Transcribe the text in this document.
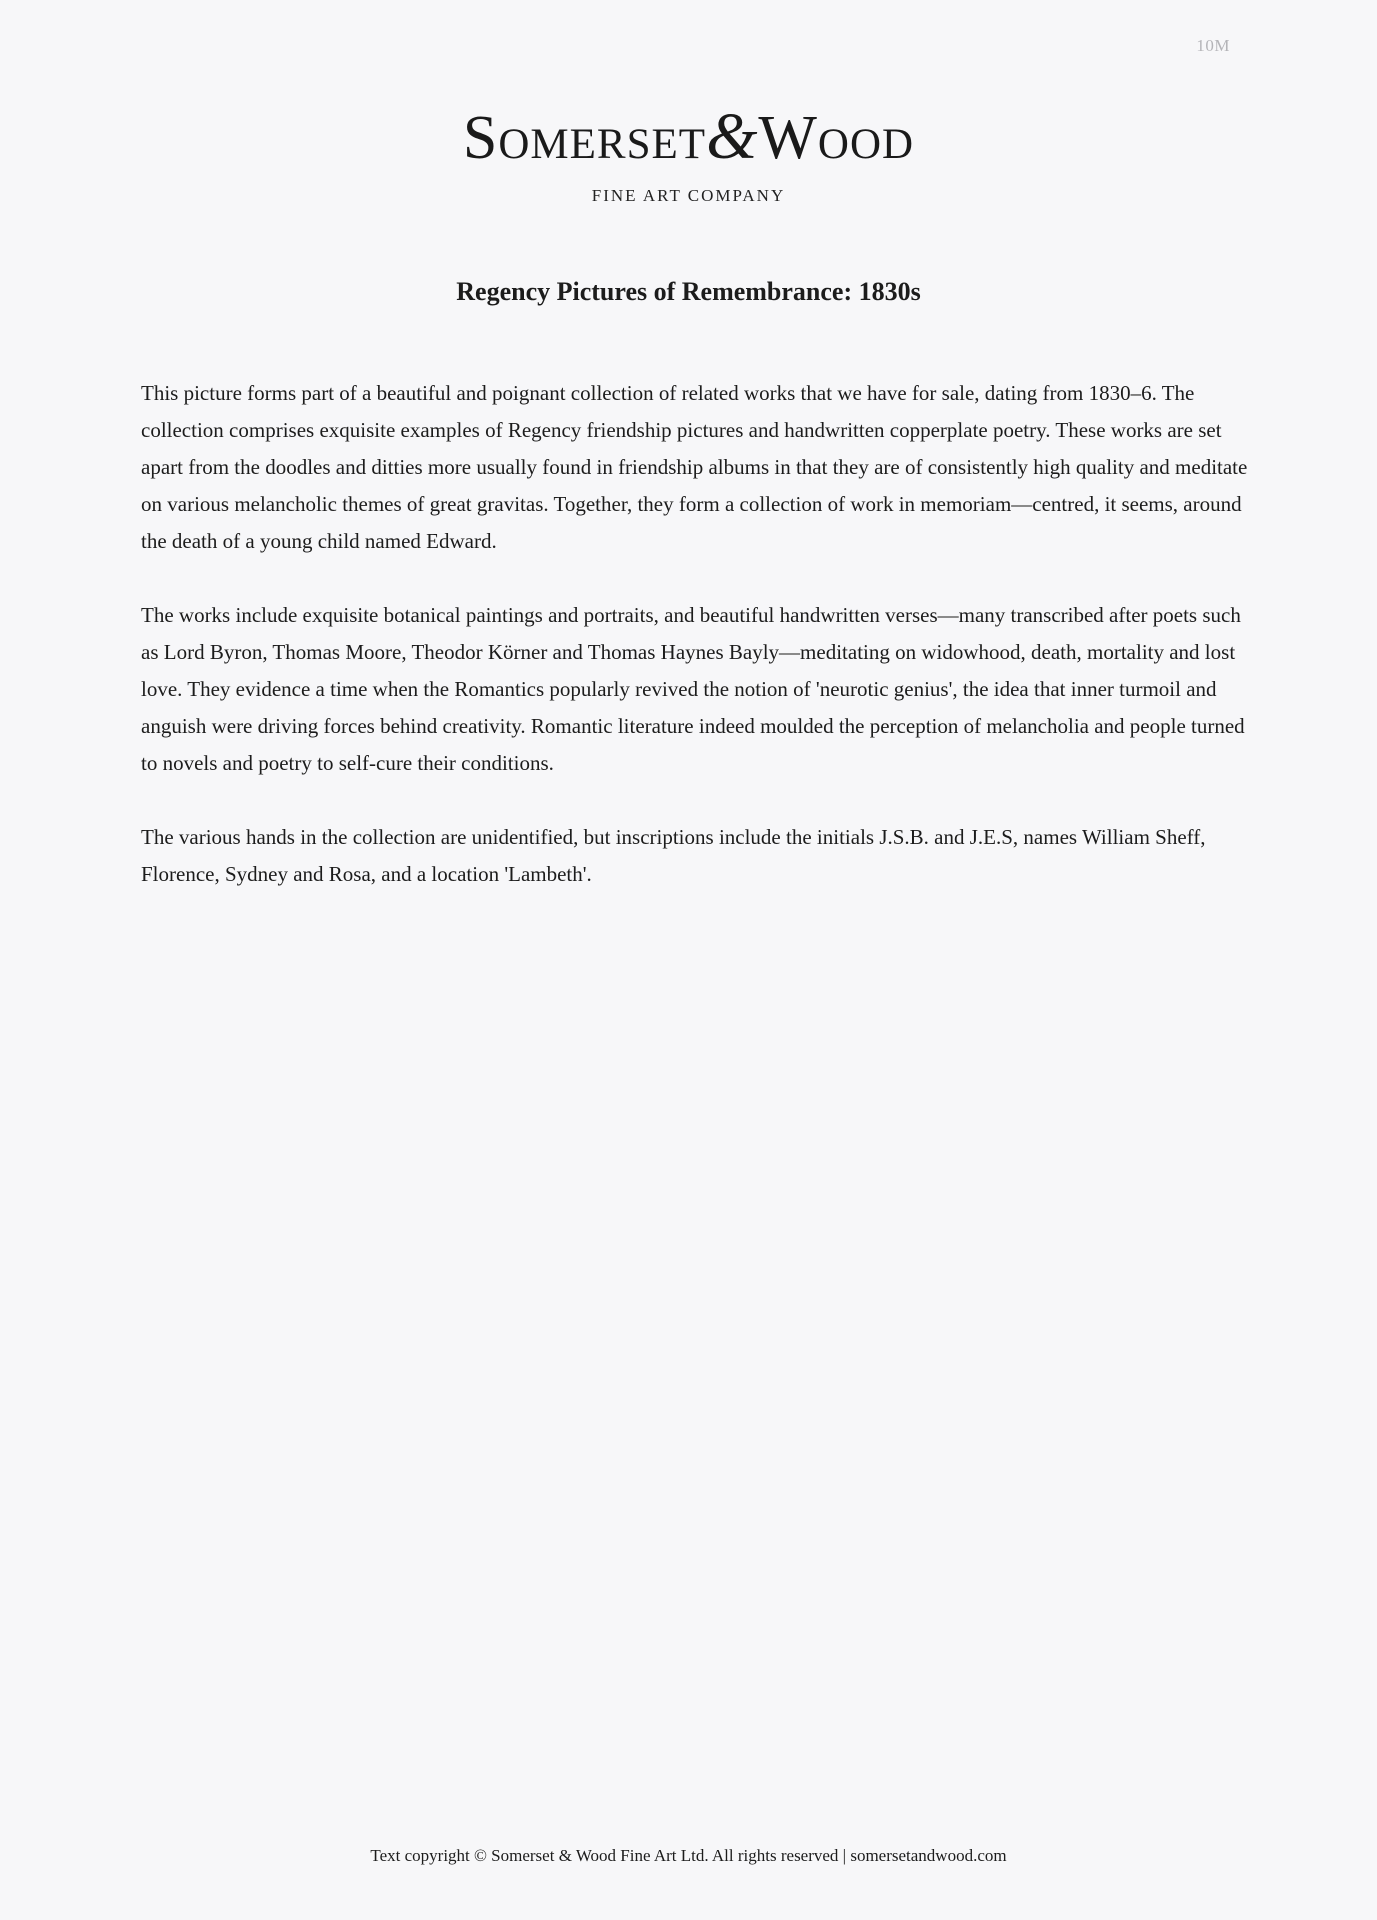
10M
Somerset&Wood
FINE ART COMPANY
Regency Pictures of Remembrance: 1830s

This picture forms part of a beautiful and poignant collection of related works that we have for sale, dating from 1830–6. The collection comprises exquisite examples of Regency friendship pictures and handwritten copperplate poetry. These works are set apart from the doodles and ditties more usually found in friendship albums in that they are of consistently high quality and meditate on various melancholic themes of great gravitas. Together, they form a collection of work in memoriam—centred, it seems, around the death of a young child named Edward.

The works include exquisite botanical paintings and portraits, and beautiful handwritten verses—many transcribed after poets such as Lord Byron, Thomas Moore, Theodor Körner and Thomas Haynes Bayly—meditating on widowhood, death, mortality and lost love. They evidence a time when the Romantics popularly revived the notion of 'neurotic genius', the idea that inner turmoil and anguish were driving forces behind creativity. Romantic literature indeed moulded the perception of melancholia and people turned to novels and poetry to self-cure their conditions.

The various hands in the collection are unidentified, but inscriptions include the initials J.S.B. and J.E.S, names William Sheff, Florence, Sydney and Rosa, and a location 'Lambeth'.

Text copyright © Somerset & Wood Fine Art Ltd. All rights reserved | somersetandwood.com
